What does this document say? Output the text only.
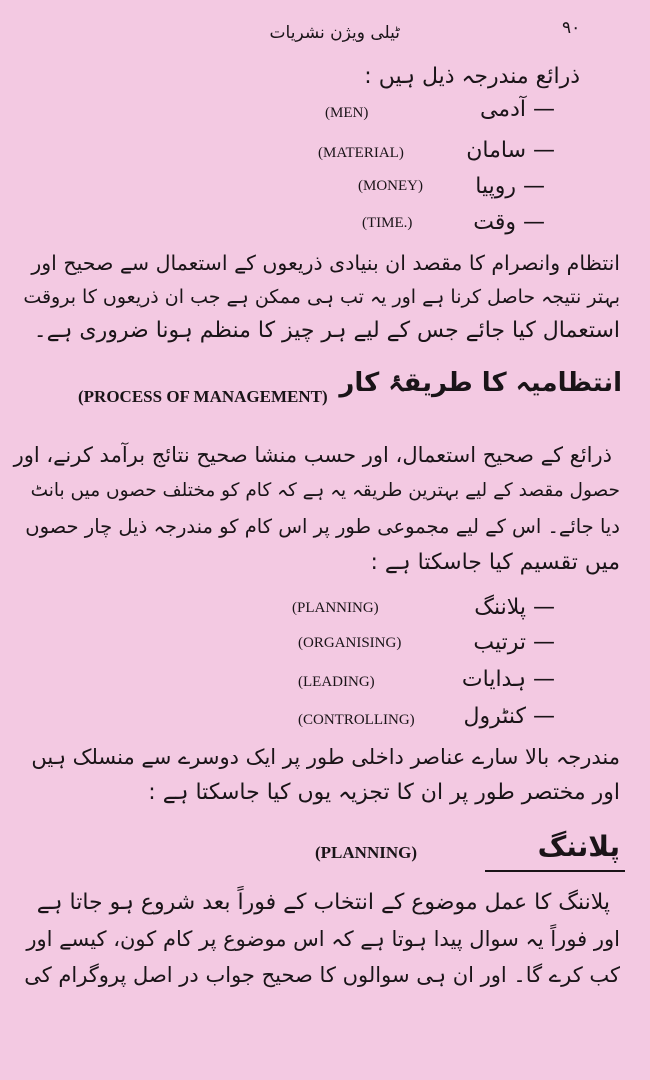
۹۰
ٹیلی ویژن نشریات
ذرائع مندرجہ ذیل ہیں :
— آدمی
(MEN)
— سامان
(MATERIAL)
— روپیا
(MONEY)
— وقت
(TIME.)
انتظام وانصرام کا مقصد ان بنیادی ذریعوں کے استعمال سے صحیح اور
بہتر نتیجہ حاصل کرنا ہے اور یہ تب ہی ممکن ہے جب ان ذریعوں کا بروقت
استعمال کیا جائے جس کے لیے ہر چیز کا منظم ہونا ضروری ہے۔
انتظامیہ کا طریقۂ کار
(PROCESS OF MANAGEMENT)
ذرائع کے صحیح استعمال، اور حسب منشا صحیح نتائج برآمد کرنے، اور
حصول مقصد کے لیے بہترین طریقہ یہ ہے کہ کام کو مختلف حصوں میں بانٹ
دیا جائے۔ اس کے لیے مجموعی طور پر اس کام کو مندرجہ ذیل چار حصوں
میں تقسیم کیا جاسکتا ہے :
— پلاننگ
(PLANNING)
— ترتیب
(ORGANISING)
— ہدایات
(LEADING)
— کنٹرول
(CONTROLLING)
مندرجہ بالا سارے عناصر داخلی طور پر ایک دوسرے سے منسلک ہیں
اور مختصر طور پر ان کا تجزیہ یوں کیا جاسکتا ہے :
پلاننگ
(PLANNING)
پلاننگ کا عمل موضوع کے انتخاب کے فوراً بعد شروع ہو جاتا ہے
اور فوراً یہ سوال پیدا ہوتا ہے کہ اس موضوع پر کام کون، کیسے اور
کب کرے گا۔ اور ان ہی سوالوں کا صحیح جواب در اصل پروگرام کی
